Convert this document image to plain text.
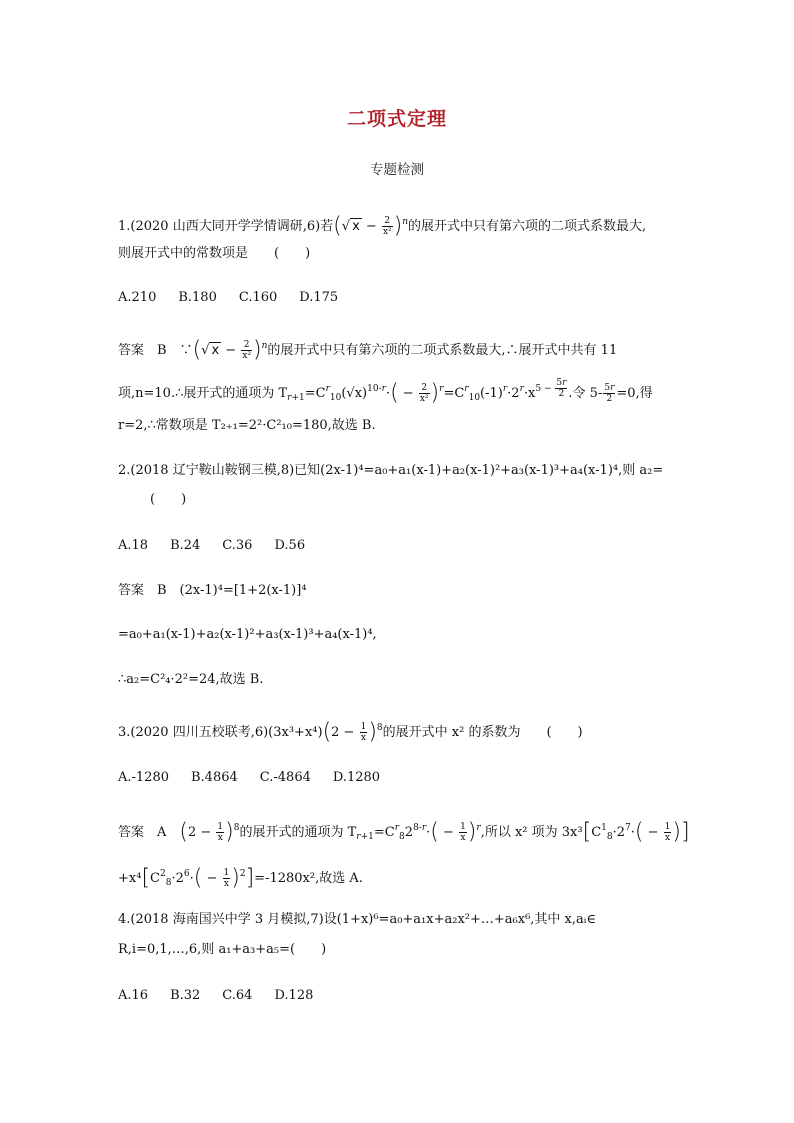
二项式定理
专题检测
1.(2020 山西大同开学学情调研,6)若(√ $x - \frac{2}{\text{x²}} )^n$的展开式中只有第六项的二项式系数最大,
则展开式中的常数项是　　(　　)
A.210 B.180 C.160 D.175
答案　B　∵(√ $x - \frac{2}{\text{x²}} )^n$的展开式中只有第六项的二项式系数最大,∴展开式中共有 11
项,n=10.∴展开式的通项为 $T_{r+1}=C^r_{10}(√x)^{10-r}\cdot( - \frac{2}{\text{x²}} )^r=C^r_{10}(-1)^r\cdot 2^r\cdot x^{5 - \frac{5r}{2}}$ .令 $5- \frac{5r}{2} =0$,得
r=2,∴常数项是 T₂₊₁=2²·C²₁₀=180,故选 B.
2.(2018 辽宁鞍山鞍钢三模,8)已知(2x-1)⁴=a₀+a₁(x-1)+a₂(x-1)²+a₃(x-1)³+a₄(x-1)⁴,则 a₂=
(　　)
A.18 B.24 C.36 D.56
答案　B　(2x-1)⁴=[1+2(x-1)]⁴
=a₀+a₁(x-1)+a₂(x-1)²+a₃(x-1)³+a₄(x-1)⁴,
∴a₂=C²₄·2²=24,故选 B.
3.(2020 四川五校联考$,6)(3x^3+x^4)(2 - \frac{1}{x} )^8$的展开式中 x² 的系数为　　(　　)
A.-1280 B.4864 C.-4864 D.1280
答案　A　$(2 - \frac{1}{x} )^8$的展开式的通项为 $T_{r+1}=C^r_82^{8-r}\cdot( - \frac{1}{x} )^r$,所以 x² 项为 $3x^3[C^1_8\cdot 2^7\cdot( - \frac{1}{x}$ )]
$+x^4[C^2_8\cdot 2^6\cdot( - \frac{1}{x} )^2]=-1280x^2$,故选 A.
4.(2018 海南国兴中学 3 月模拟,7)设(1+x)⁶=a₀+a₁x+a₂x²+…+a₆x⁶,其中 x,aᵢ∈
R,i=0,1,…,6,则 a₁+a₃+a₅=(　　)
A.16 B.32 C.64 D.128
